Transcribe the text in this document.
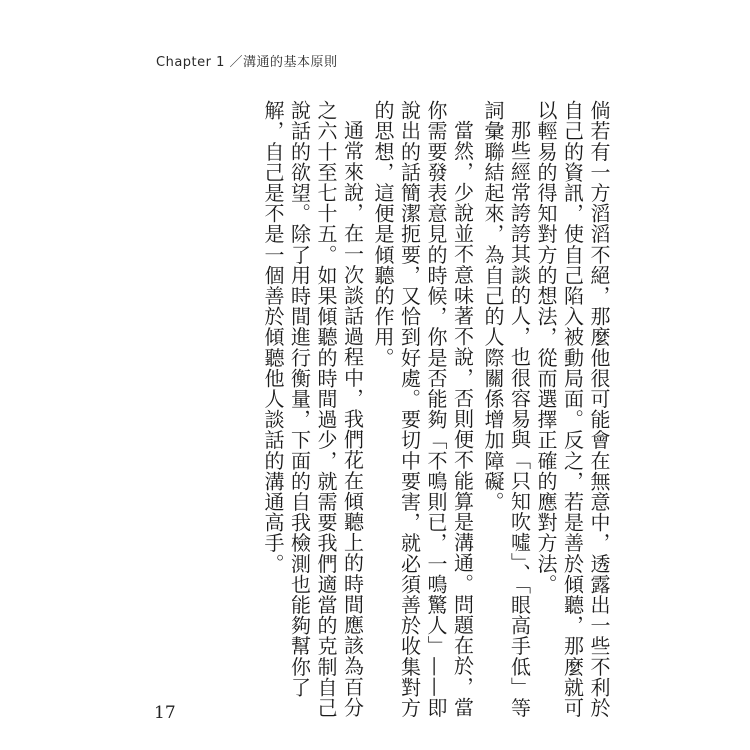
Chapter 1 ／溝通的基本原則

倘若有一方滔滔不絕，那麼他很可能會在無意中，透露出一些不利於自己的資訊，使自己陷入被動局面。反之，若是善於傾聽，那麼就可以輕易的得知對方的想法，從而選擇正確的應對方法。

那些經常誇誇其談的人，也很容易與「只知吹噓」、「眼高手低」等詞彙聯結起來，為自己的人際關係增加障礙。

當然，少說並不意味著不說，否則便不能算是溝通。問題在於，當你需要發表意見的時候，你是否能夠「不鳴則已，一鳴驚人」——即說出的話簡潔扼要，又恰到好處。要切中要害，就必須善於收集對方的思想，這便是傾聽的作用。

通常來說，在一次談話過程中，我們花在傾聽上的時間應該為百分之六十至七十五。如果傾聽的時間過少，就需要我們適當的克制自己說話的欲望。除了用時間進行衡量，下面的自我檢測也能夠幫你了解，自己是不是一個善於傾聽他人談話的溝通高手。

17
